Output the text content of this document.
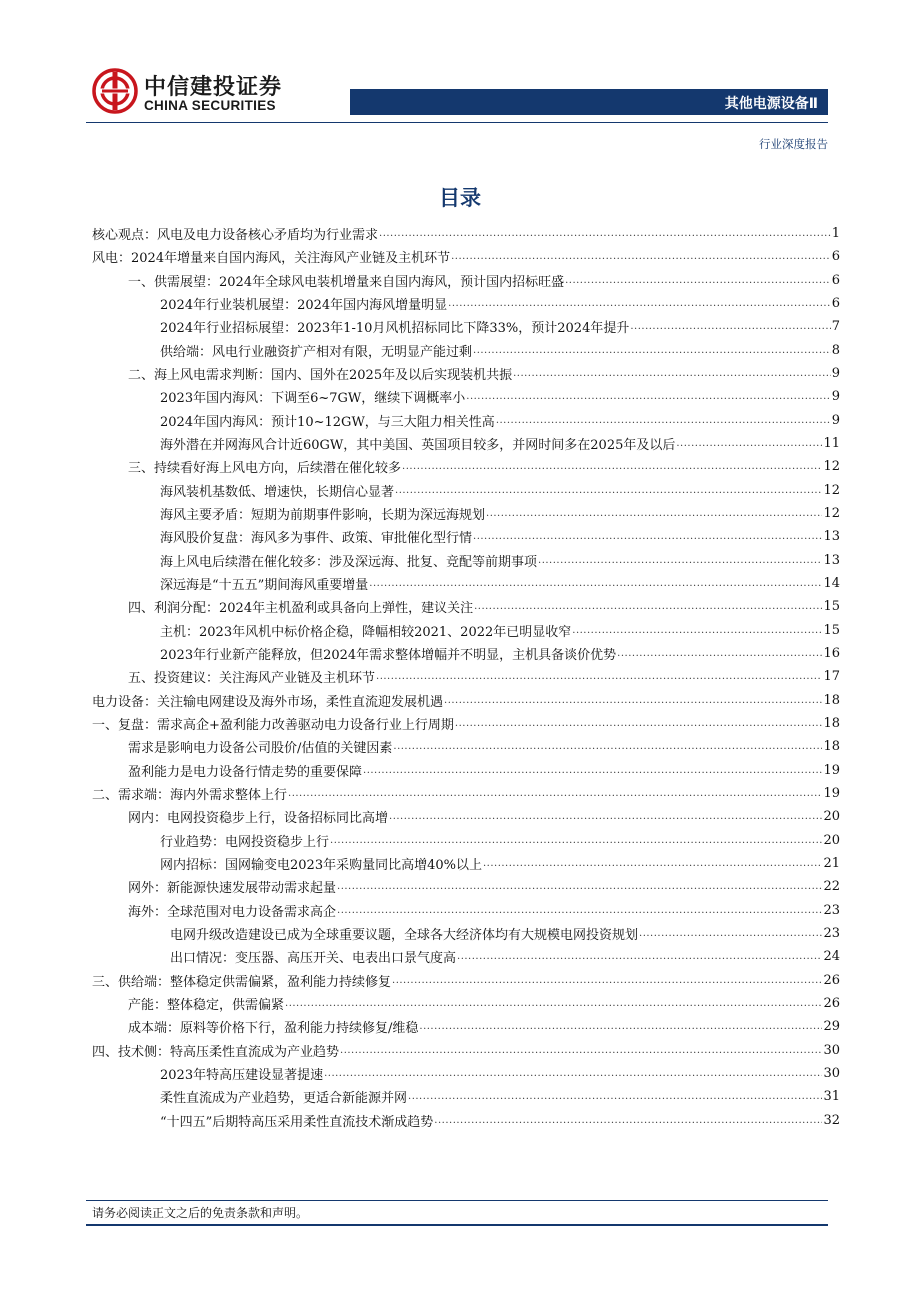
中信建投证券
CHINA SECURITIES	其他电源设备Ⅱ
行业深度报告
目录
核心观点：风电及电力设备核心矛盾均为行业需求 .....	1
风电：2024年增量来自国内海风，关注海风产业链及主机环节 .....	6
一、供需展望：2024年全球风电装机增量来自国内海风，预计国内招标旺盛 .....	6
2024年行业装机展望：2024年国内海风增量明显 .....	6
2024年行业招标展望：2023年1-10月风机招标同比下降33%，预计2024年提升 .....	7
供给端：风电行业融资扩产相对有限，无明显产能过剩 .....	8
二、海上风电需求判断：国内、国外在2025年及以后实现装机共振 .....	9
2023年国内海风：下调至6~7GW，继续下调概率小 .....	9
2024年国内海风：预计10~12GW，与三大阻力相关性高 .....	9
海外潜在并网海风合计近60GW，其中美国、英国项目较多，并网时间多在2025年及以后 .....	11
三、持续看好海上风电方向，后续潜在催化较多 .....	12
海风装机基数低、增速快，长期信心显著 .....	12
海风主要矛盾：短期为前期事件影响，长期为深远海规划 .....	12
海风股价复盘：海风多为事件、政策、审批催化型行情 .....	13
海上风电后续潜在催化较多：涉及深远海、批复、竞配等前期事项 .....	13
深远海是“十五五”期间海风重要增量 .....	14
四、利润分配：2024年主机盈利或具备向上弹性，建议关注 .....	15
主机：2023年风机中标价格企稳，降幅相较2021、2022年已明显收窄 .....	15
2023年行业新产能释放，但2024年需求整体增幅并不明显，主机具备谈价优势 .....	16
五、投资建议：关注海风产业链及主机环节 .....	17
电力设备：关注输电网建设及海外市场，柔性直流迎发展机遇 .....	18
一、复盘：需求高企+盈利能力改善驱动电力设备行业上行周期 .....	18
需求是影响电力设备公司股价/估值的关键因素 .....	18
盈利能力是电力设备行情走势的重要保障 .....	19
二、需求端：海内外需求整体上行 .....	19
网内：电网投资稳步上行，设备招标同比高增 .....	20
行业趋势：电网投资稳步上行 .....	20
网内招标：国网输变电2023年采购量同比高增40%以上 .....	21
网外：新能源快速发展带动需求起量 .....	22
海外：全球范围对电力设备需求高企 .....	23
电网升级改造建设已成为全球重要议题，全球各大经济体均有大规模电网投资规划 .....	23
出口情况：变压器、高压开关、电表出口景气度高 .....	24
三、供给端：整体稳定供需偏紧，盈利能力持续修复 .....	26
产能：整体稳定，供需偏紧 .....	26
成本端：原料等价格下行，盈利能力持续修复/维稳 .....	29
四、技术侧：特高压柔性直流成为产业趋势 .....	30
2023年特高压建设显著提速 .....	30
柔性直流成为产业趋势，更适合新能源并网 .....	31
“十四五”后期特高压采用柔性直流技术渐成趋势 .....	32
请务必阅读正文之后的免责条款和声明。
